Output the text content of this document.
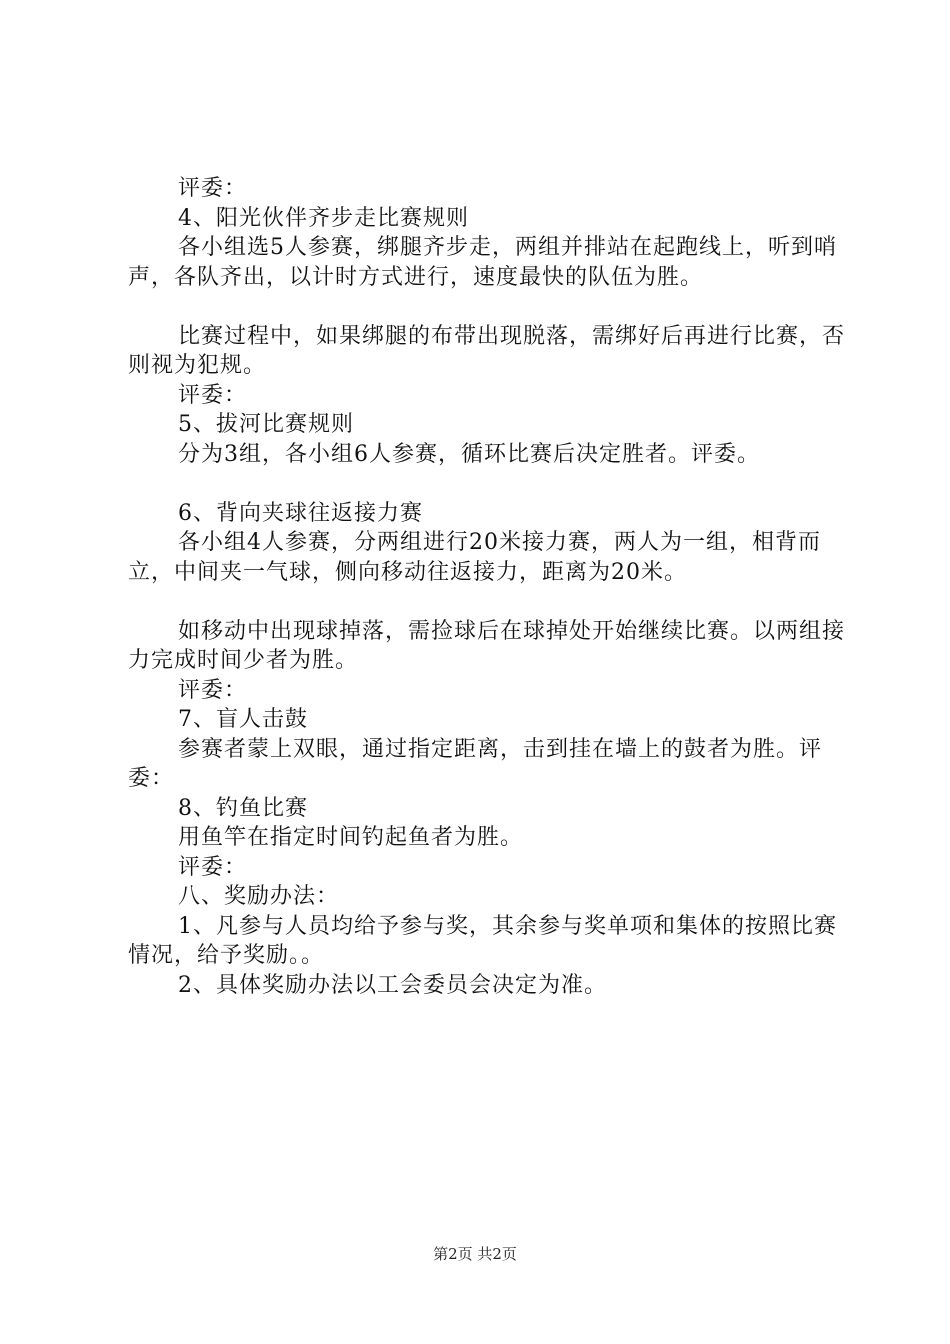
评委：

4、阳光伙伴齐步走比赛规则

各小组选5人参赛，绑腿齐步走，两组并排站在起跑线上，听到哨声，各队齐出，以计时方式进行，速度最快的队伍为胜。

比赛过程中，如果绑腿的布带出现脱落，需绑好后再进行比赛，否则视为犯规。

评委：

5、拔河比赛规则

分为3组，各小组6人参赛，循环比赛后决定胜者。评委。

6、背向夹球往返接力赛

各小组4人参赛，分两组进行20米接力赛，两人为一组，相背而立，中间夹一气球，侧向移动往返接力，距离为20米。

如移动中出现球掉落，需捡球后在球掉处开始继续比赛。以两组接力完成时间少者为胜。

评委：

7、盲人击鼓

参赛者蒙上双眼，通过指定距离，击到挂在墙上的鼓者为胜。评委：

8、钓鱼比赛

用鱼竿在指定时间钓起鱼者为胜。

评委：

八、奖励办法：

1、凡参与人员均给予参与奖，其余参与奖单项和集体的按照比赛情况，给予奖励。。

2、具体奖励办法以工会委员会决定为准。

第2页 共2页
